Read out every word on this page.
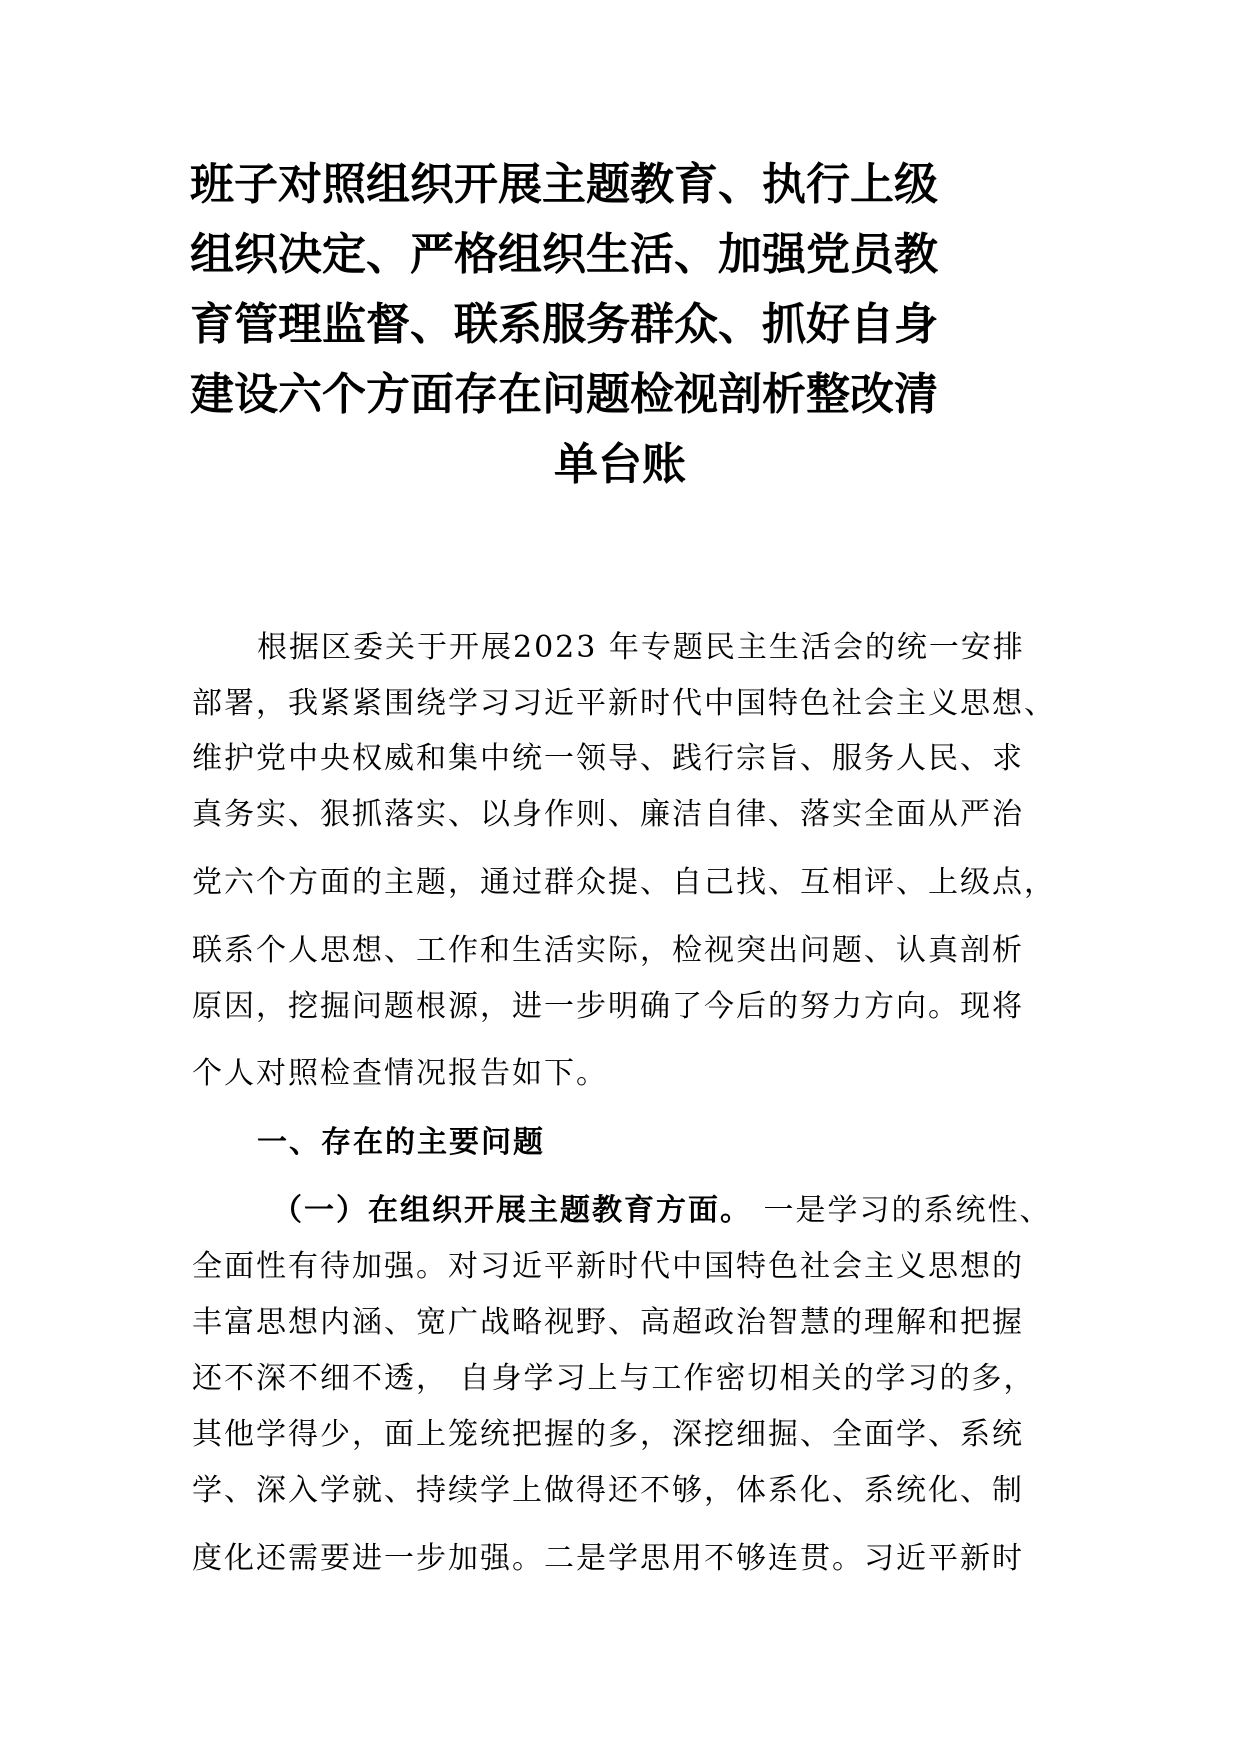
班子对照组织开展主题教育、执行上级
组织决定、严格组织生活、加强党员教
育管理监督、联系服务群众、抓好自身
建设六个方面存在问题检视剖析整改清
单台账
根据区委关于开展2023 年专题民主生活会的统一安排
部署，我紧紧围绕学习习近平新时代中国特色社会主义思想、
维护党中央权威和集中统一领导、践行宗旨、服务人民、求
真务实、狠抓落实、以身作则、廉洁自律、落实全面从严治
党六个方面的主题，通过群众提、自己找、互相评、上级点，
联系个人思想、工作和生活实际，检视突出问题、认真剖析
原因，挖掘问题根源，进一步明确了今后的努力方向。现将
个人对照检查情况报告如下。
一、存在的主要问题
（一）在组织开展主题教育方面。 一是学习的系统性、
全面性有待加强。对习近平新时代中国特色社会主义思想的
丰富思想内涵、宽广战略视野、高超政治智慧的理解和把握
还不深不细不透， 自身学习上与工作密切相关的学习的多，
其他学得少，面上笼统把握的多，深挖细掘、全面学、系统
学、深入学就、持续学上做得还不够，体系化、系统化、制
度化还需要进一步加强。二是学思用不够连贯。习近平新时
